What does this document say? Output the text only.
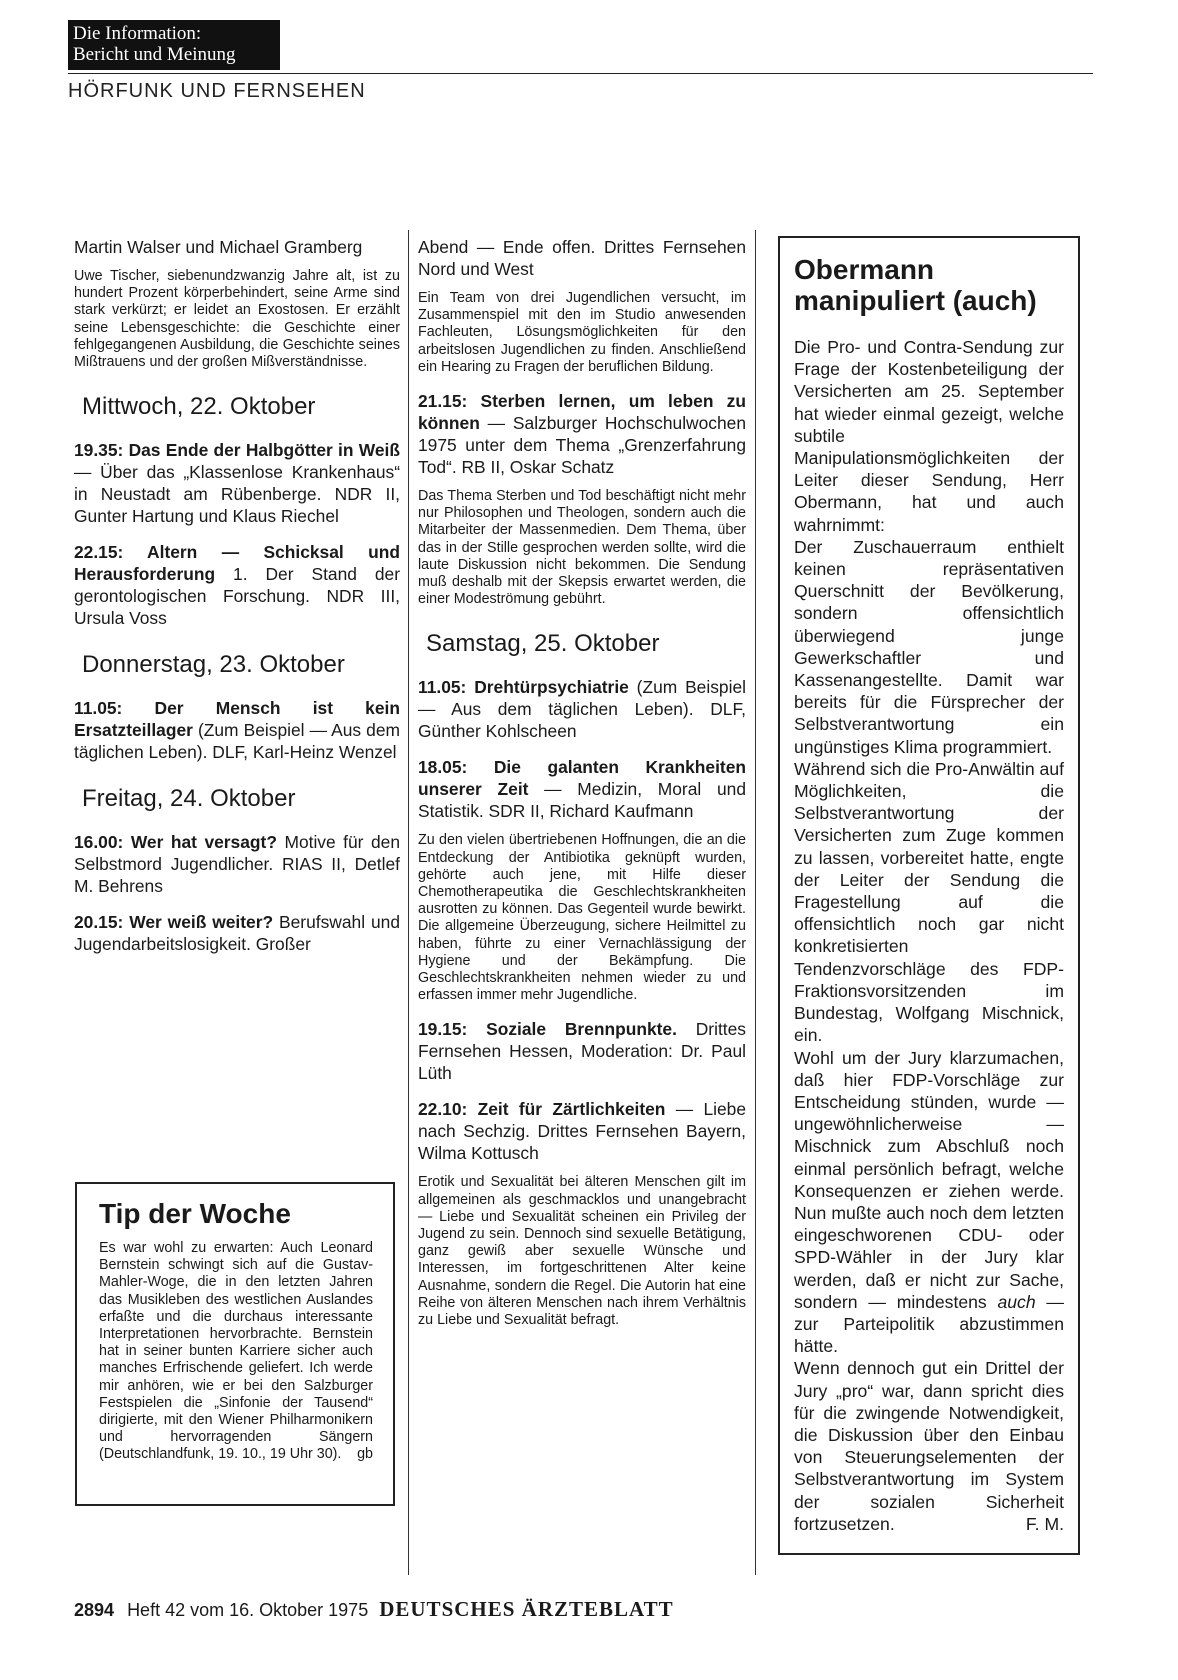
Die Information:
Bericht und Meinung
HÖRFUNK UND FERNSEHEN

Martin Walser und Michael Gramberg

Uwe Tischer, siebenundzwanzig Jahre alt, ist zu hundert Prozent körperbehindert, seine Arme sind stark verkürzt; er leidet an Exostosen. Er erzählt seine Lebensgeschichte: die Geschichte einer fehlgegangenen Ausbildung, die Geschichte seines Mißtrauens und der großen Mißverständnisse.

Mittwoch, 22. Oktober

19.35: Das Ende der Halbgötter in Weiß — Über das „Klassenlose Krankenhaus“ in Neustadt am Rübenberge. NDR II, Gunter Hartung und Klaus Riechel

22.15: Altern — Schicksal und Herausforderung 1. Der Stand der gerontologischen Forschung. NDR III, Ursula Voss

Donnerstag, 23. Oktober

11.05: Der Mensch ist kein Ersatzteillager (Zum Beispiel — Aus dem täglichen Leben). DLF, Karl-Heinz Wenzel

Freitag, 24. Oktober

16.00: Wer hat versagt? Motive für den Selbstmord Jugendlicher. RIAS II, Detlef M. Behrens

20.15: Wer weiß weiter? Berufswahl und Jugendarbeitslosigkeit. Großer

Tip der Woche

Es war wohl zu erwarten: Auch Leonard Bernstein schwingt sich auf die Gustav-Mahler-Woge, die in den letzten Jahren das Musikleben des westlichen Auslandes erfaßte und die durchaus interessante Interpretationen hervorbrachte. Bernstein hat in seiner bunten Karriere sicher auch manches Erfrischende geliefert. Ich werde mir anhören, wie er bei den Salzburger Festspielen die „Sinfonie der Tausend“ dirigierte, mit den Wiener Philharmonikern und hervorragenden Sängern (Deutschlandfunk, 19. 10., 19 Uhr 30). gb

Abend — Ende offen. Drittes Fernsehen Nord und West

Ein Team von drei Jugendlichen versucht, im Zusammenspiel mit den im Studio anwesenden Fachleuten, Lösungsmöglichkeiten für den arbeitslosen Jugendlichen zu finden. Anschließend ein Hearing zu Fragen der beruflichen Bildung.

21.15: Sterben lernen, um leben zu können — Salzburger Hochschulwochen 1975 unter dem Thema „Grenzerfahrung Tod“. RB II, Oskar Schatz

Das Thema Sterben und Tod beschäftigt nicht mehr nur Philosophen und Theologen, sondern auch die Mitarbeiter der Massenmedien. Dem Thema, über das in der Stille gesprochen werden sollte, wird die laute Diskussion nicht bekommen. Die Sendung muß deshalb mit der Skepsis erwartet werden, die einer Modeströmung gebührt.

Samstag, 25. Oktober

11.05: Drehtürpsychiatrie (Zum Beispiel — Aus dem täglichen Leben). DLF, Günther Kohlscheen

18.05: Die galanten Krankheiten unserer Zeit — Medizin, Moral und Statistik. SDR II, Richard Kaufmann

Zu den vielen übertriebenen Hoffnungen, die an die Entdeckung der Antibiotika geknüpft wurden, gehörte auch jene, mit Hilfe dieser Chemotherapeutika die Geschlechtskrankheiten ausrotten zu können. Das Gegenteil wurde bewirkt. Die allgemeine Überzeugung, sichere Heilmittel zu haben, führte zu einer Vernachlässigung der Hygiene und der Bekämpfung. Die Geschlechtskrankheiten nehmen wieder zu und erfassen immer mehr Jugendliche.

19.15: Soziale Brennpunkte. Drittes Fernsehen Hessen, Moderation: Dr. Paul Lüth

22.10: Zeit für Zärtlichkeiten — Liebe nach Sechzig. Drittes Fernsehen Bayern, Wilma Kottusch

Erotik und Sexualität bei älteren Menschen gilt im allgemeinen als geschmacklos und unangebracht — Liebe und Sexualität scheinen ein Privileg der Jugend zu sein. Dennoch sind sexuelle Betätigung, ganz gewiß aber sexuelle Wünsche und Interessen, im fortgeschrittenen Alter keine Ausnahme, sondern die Regel. Die Autorin hat eine Reihe von älteren Menschen nach ihrem Verhältnis zu Liebe und Sexualität befragt.

Obermann manipuliert (auch)

Die Pro- und Contra-Sendung zur Frage der Kostenbeteiligung der Versicherten am 25. September hat wieder einmal gezeigt, welche subtile Manipulationsmöglichkeiten der Leiter dieser Sendung, Herr Obermann, hat und auch wahrnimmt:

Der Zuschauerraum enthielt keinen repräsentativen Querschnitt der Bevölkerung, sondern offensichtlich überwiegend junge Gewerkschaftler und Kassenangestellte. Damit war bereits für die Fürsprecher der Selbstverantwortung ein ungünstiges Klima programmiert.

Während sich die Pro-Anwältin auf Möglichkeiten, die Selbstverantwortung der Versicherten zum Zuge kommen zu lassen, vorbereitet hatte, engte der Leiter der Sendung die Fragestellung auf die offensichtlich noch gar nicht konkretisierten Tendenzvorschläge des FDP-Fraktionsvorsitzenden im Bundestag, Wolfgang Mischnick, ein.

Wohl um der Jury klarzumachen, daß hier FDP-Vorschläge zur Entscheidung stünden, wurde — ungewöhnlicherweise — Mischnick zum Abschluß noch einmal persönlich befragt, welche Konsequenzen er ziehen werde. Nun mußte auch noch dem letzten eingeschworenen CDU- oder SPD-Wähler in der Jury klar werden, daß er nicht zur Sache, sondern — mindestens auch — zur Parteipolitik abzustimmen hätte.

Wenn dennoch gut ein Drittel der Jury „pro“ war, dann spricht dies für die zwingende Notwendigkeit, die Diskussion über den Einbau von Steuerungselementen der Selbstverantwortung im System der sozialen Sicherheit fortzusetzen.	F. M.

2894 Heft 42 vom 16. Oktober 1975 DEUTSCHES ÄRZTEBLATT
